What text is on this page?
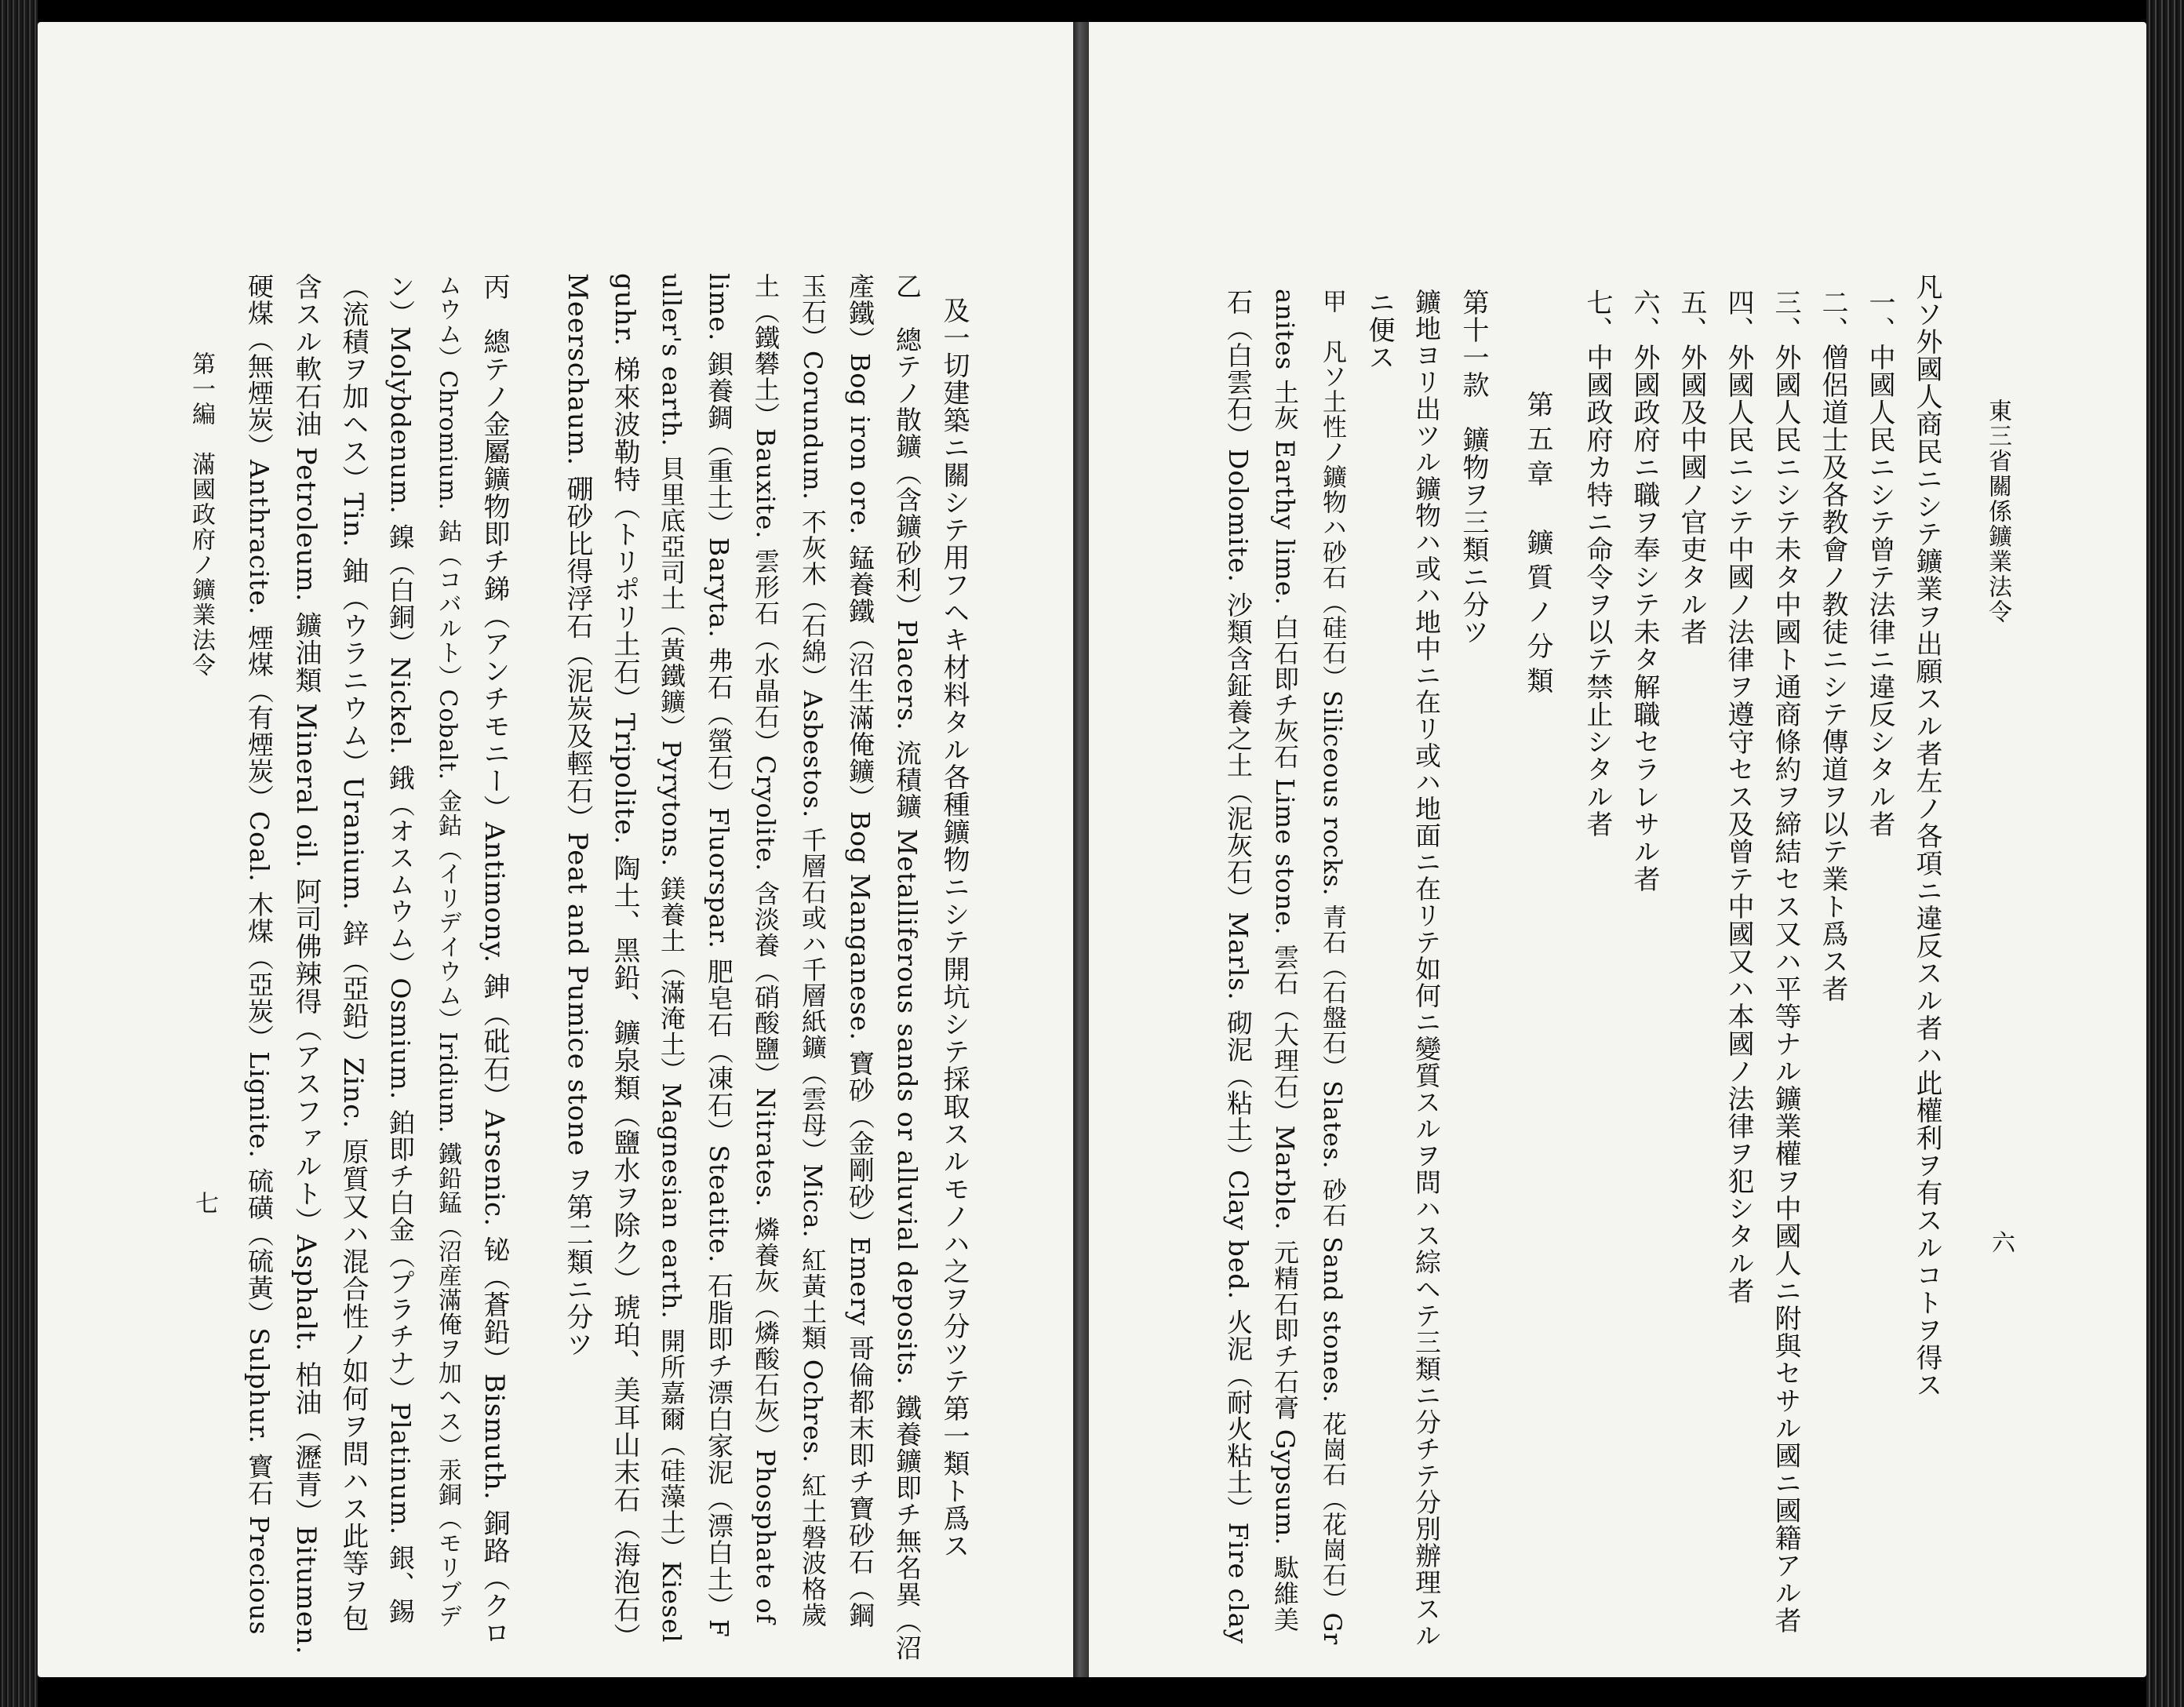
及一切建築ニ關シテ用フヘキ材料タル各種鑛物ニシテ開坑シテ採取スルモノハ之ヲ分ツテ第一類ト爲ス
乙　總テノ散鑛（含鑛砂利）Placers. 流積鑛 Metalliferous sands or alluvial deposits. 鐵養鑛即チ無名異（沼
產鐵）Bog iron ore. 錳養鐵（沼生滿俺鑛）Bog Manganese. 寶砂（金剛砂）Emery 哥倫都末即チ寶砂石（鋼
玉石）Corundum. 不灰木（石綿）Asbestos. 千層石或ハ千層紙鑛（雲母）Mica. 紅黃土類 Ochres. 紅土磐波格歲
土（鐵礬土）Bauxite. 雲形石（水晶石）Cryolite. 含淡養（硝酸鹽）Nitrates. 燐養灰（燐酸石灰）Phosphate of
lime. 鋇養錭（重土）Baryta. 弗石（螢石）Fluorspar. 肥皂石（凍石）Steatite. 石脂即チ漂白家泥（漂白土）F
uller's earth. 貝里底亞司土（黃鐵鑛）Pyrytons. 鎂養土（滿淹土）Magnesian earth. 開所嘉爾（硅藻土）Kiesel
guhr. 梯來波勒特（トリポリ土石）Tripolite. 陶土、黑鉛、鑛泉類（鹽水ヲ除ク）琥珀、美耳山末石（海泡石）
Meerschaum. 硼砂比得浮石（泥炭及輕石）Peat and Pumice stone ヲ第二類ニ分ツ
丙　總テノ金屬鑛物即チ銻（アンチモニー）Antimony. 鉮（砒石）Arsenic. 铋（蒼鉛）Bismuth. 銅路（クロ
ムウム）Chromium. 鈷（コバルト）Cobalt. 金鈷（イリデイウム）Iridium. 鐵鉛錳（沼産滿俺ヲ加ヘス）汞銅（モリブデ
ン）Molybdenum. 鎳（白銅）Nickel. 鋨（オスムウム）Osmium. 鉑即チ白金（プラチナ）Platinum. 銀、錫
（流積ヲ加ヘス）Tin. 鈾（ウラニウム）Uranium. 鋅（亞鉛）Zinc. 原質又ハ混合性ノ如何ヲ問ハス此等ヲ包
含スル軟石油 Petroleum. 鑛油類 Mineral oil. 阿司佛辣得（アスファルト）Asphalt. 柏油（瀝青）Bitumen.
硬煤（無煙炭）Anthracite. 煙煤（有煙炭）Coal. 木煤（亞炭）Lignite. 硫磺（硫黃）Sulphur. 寳石 Precious
第一編　滿國政府ノ鑛業法令
七
東三省關係鑛業法令
六
凡ソ外國人商民ニシテ鑛業ヲ出願スル者左ノ各項ニ違反スル者ハ此權利ヲ有スルコトヲ得ス
一、中國人民ニシテ曾テ法律ニ違反シタル者
二、僧侶道士及各教會ノ教徒ニシテ傳道ヲ以テ業ト爲ス者
三、外國人民ニシテ未タ中國ト通商條約ヲ締結セス又ハ平等ナル鑛業權ヲ中國人ニ附與セサル國ニ國籍アル者
四、外國人民ニシテ中國ノ法律ヲ遵守セス及曾テ中國又ハ本國ノ法律ヲ犯シタル者
五、外國及中國ノ官吏タル者
六、外國政府ニ職ヲ奉シテ未タ解職セラレサル者
七、中國政府カ特ニ命令ヲ以テ禁止シタル者
第五章　鑛質ノ分類
第十一款　鑛物ヲ三類ニ分ツ
鑛地ヨリ出ツル鑛物ハ或ハ地中ニ在リ或ハ地面ニ在リテ如何ニ變質スルヲ問ハス綜ヘテ三類ニ分チテ分別辦理スル
ニ便ス
甲　凡ソ土性ノ鑛物ハ砂石（硅石）Siliceous rocks. 青石（石盤石）Slates. 砂石 Sand stones. 花崗石（花崗石）Gr
anites 土灰 Earthy lime. 白石即チ灰石 Lime stone. 雲石（大理石）Marble. 元精石即チ石膏 Gypsum. 駄維美
石（白雲石）Dolomite. 沙類含鉦養之土（泥灰石）Marls. 砌泥（粘土）Clay bed. 火泥（耐火粘土）Fire clay
